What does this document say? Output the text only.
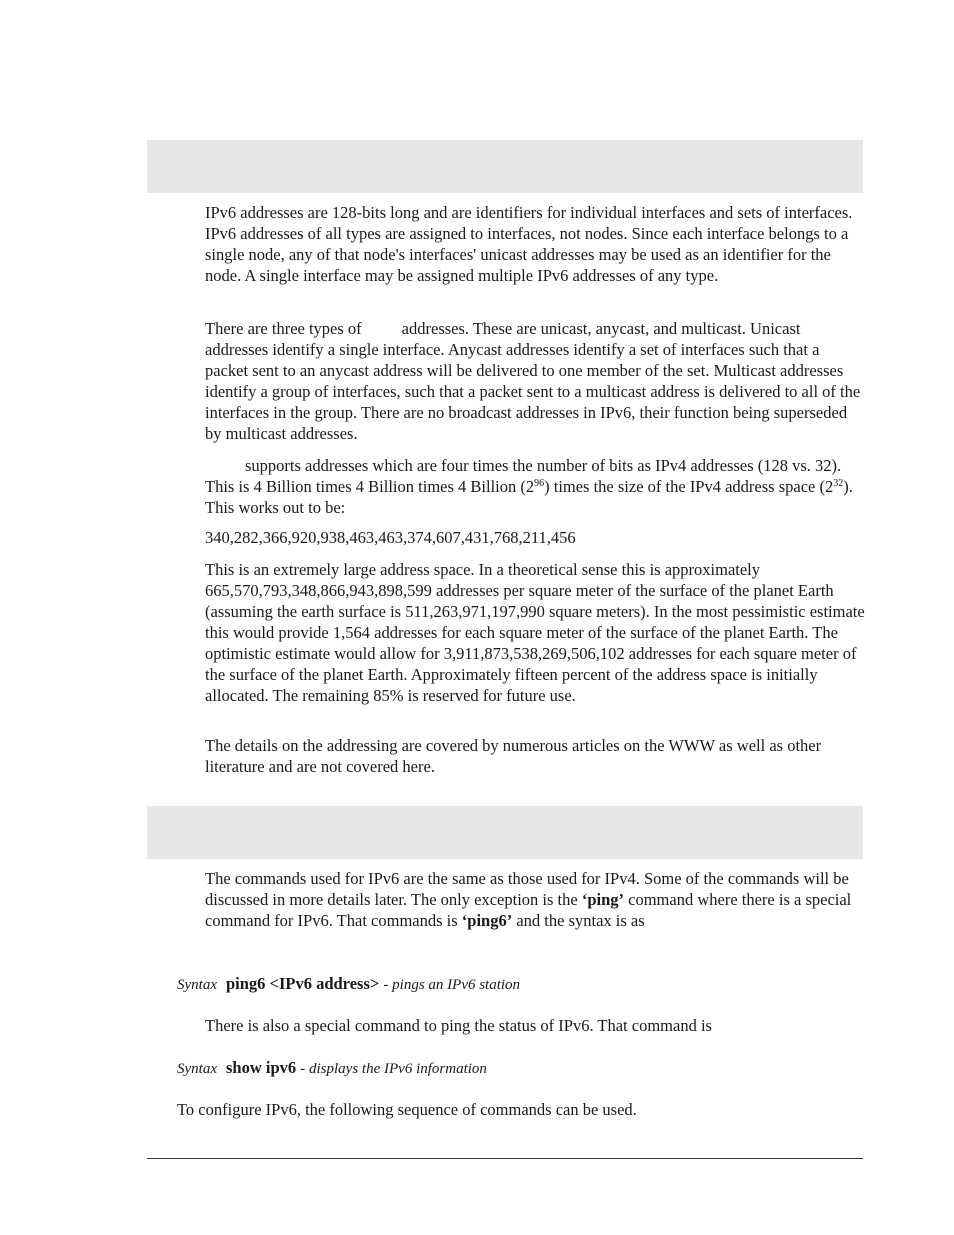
IPv6 addresses are 128-bits long and are identifiers for individual interfaces and sets of interfaces. IPv6 addresses of all types are assigned to interfaces, not nodes. Since each interface belongs to a single node, any of that node's interfaces' unicast addresses may be used as an identifier for the node. A single interface may be assigned multiple IPv6 addresses of any type.

There are three types of addresses. These are unicast, anycast, and multicast. Unicast addresses identify a single interface. Anycast addresses identify a set of interfaces such that a packet sent to an anycast address will be delivered to one member of the set. Multicast addresses identify a group of interfaces, such that a packet sent to a multicast address is delivered to all of the interfaces in the group. There are no broadcast addresses in IPv6, their function being superseded by multicast addresses.

supports addresses which are four times the number of bits as IPv4 addresses (128 vs. 32). This is 4 Billion times 4 Billion times 4 Billion $(2^{96})$ times the size of the IPv4 address space $(2^{32})$. This works out to be:

340,282,366,920,938,463,463,374,607,431,768,211,456

This is an extremely large address space. In a theoretical sense this is approximately 665,570,793,348,866,943,898,599 addresses per square meter of the surface of the planet Earth (assuming the earth surface is 511,263,971,197,990 square meters). In the most pessimistic estimate this would provide 1,564 addresses for each square meter of the surface of the planet Earth. The optimistic estimate would allow for 3,911,873,538,269,506,102 addresses for each square meter of the surface of the planet Earth. Approximately fifteen percent of the address space is initially allocated. The remaining 85% is reserved for future use.

The details on the addressing are covered by numerous articles on the WWW as well as other literature and are not covered here.

The commands used for IPv6 are the same as those used for IPv4. Some of the commands will be discussed in more details later. The only exception is the ‘ping’ command where there is a special command for IPv6. That commands is ‘ping6’ and the syntax is as

Syntax ping6 <IPv6 address> - pings an IPv6 station

There is also a special command to ping the status of IPv6. That command is

Syntax show ipv6 - displays the IPv6 information
To configure IPv6, the following sequence of commands can be used.
